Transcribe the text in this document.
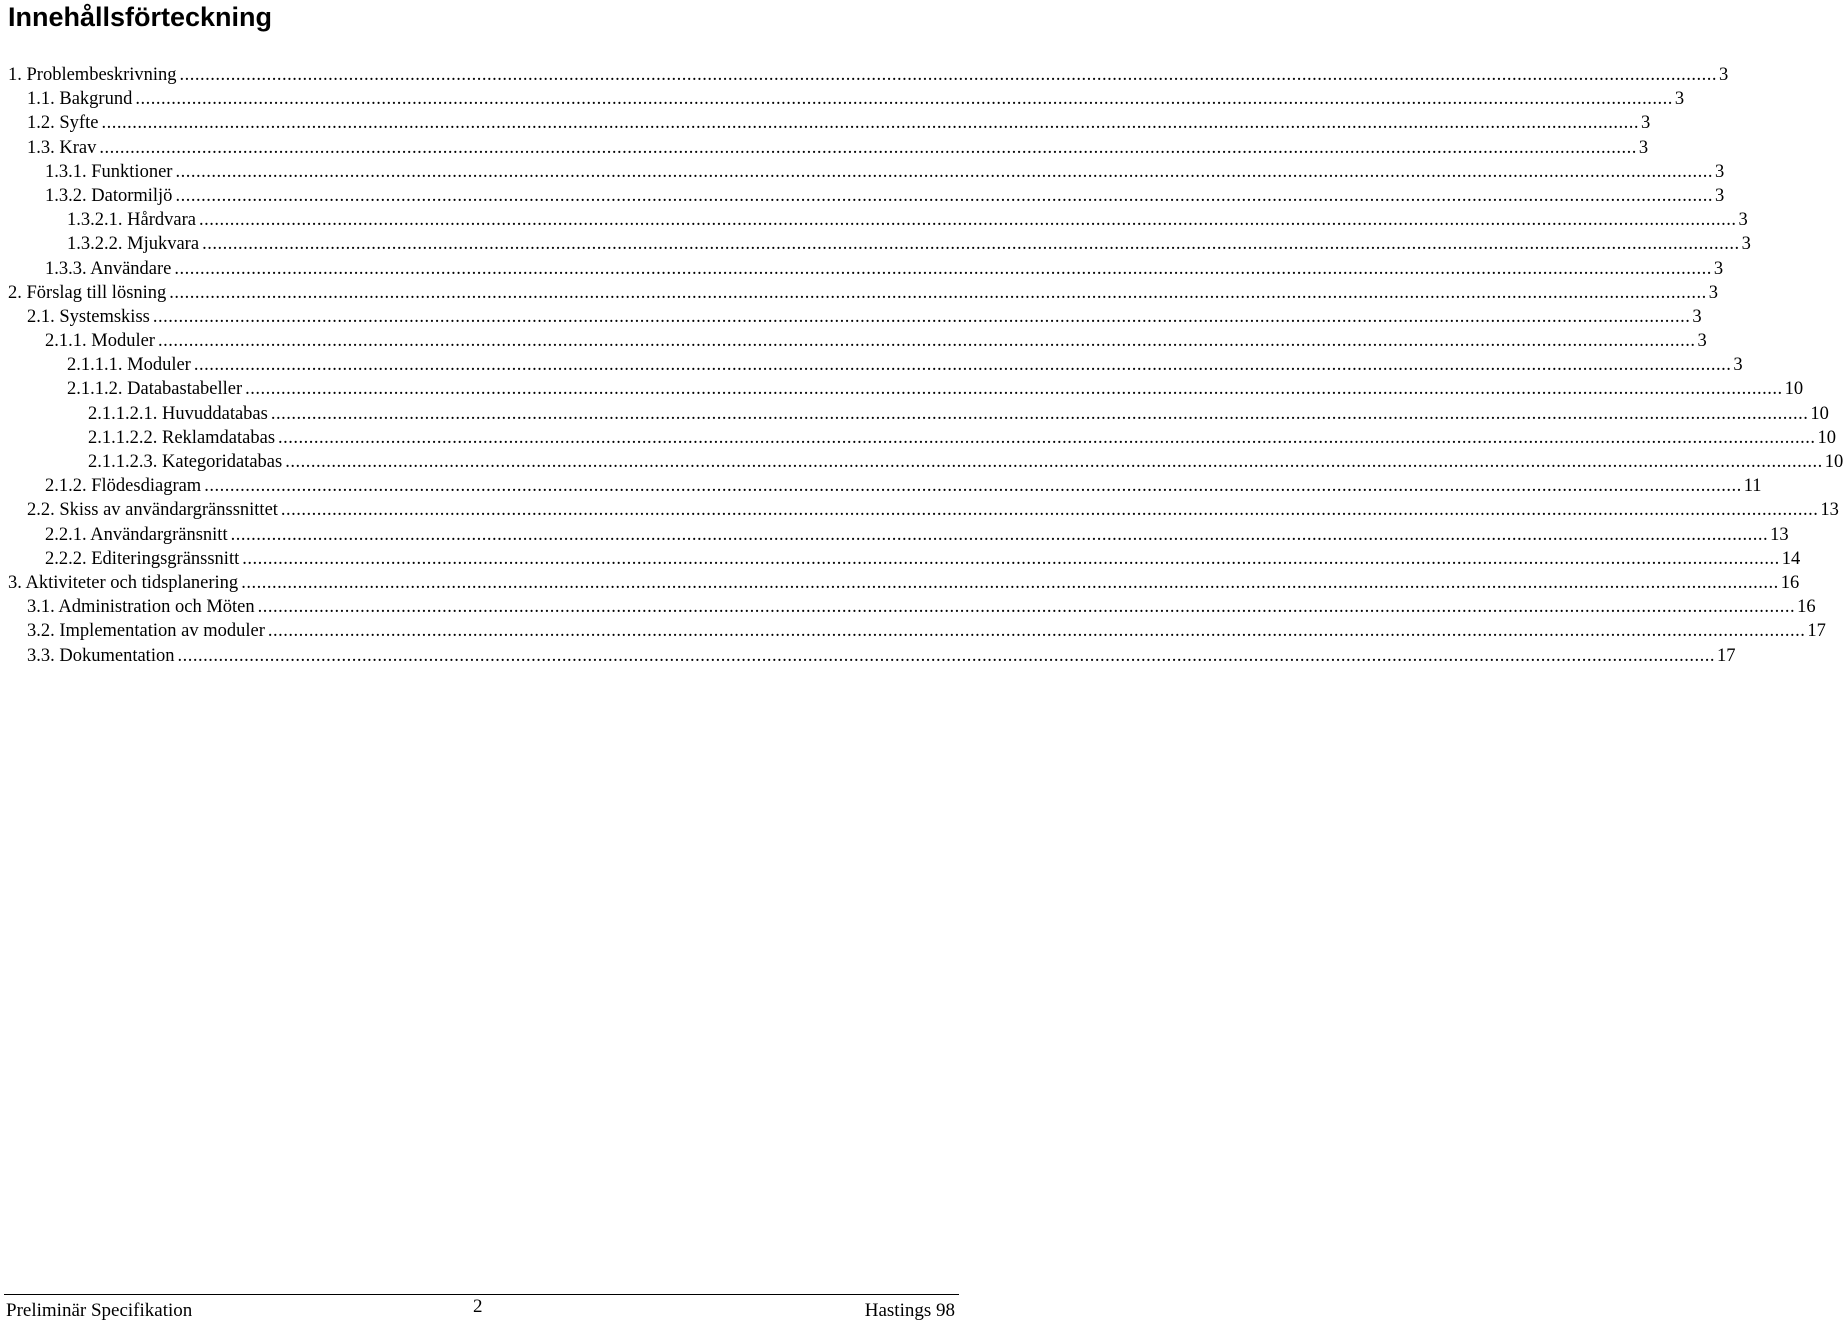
Innehållsförteckning
1. Problembeskrivning ............................................................................................................................................................................................................................................................................................................ 3
1.1. Bakgrund ............................................................................................................................................................................................................................................................................................................ 3
1.2. Syfte ............................................................................................................................................................................................................................................................................................................ 3
1.3. Krav ............................................................................................................................................................................................................................................................................................................ 3
1.3.1. Funktioner ............................................................................................................................................................................................................................................................................................................ 3
1.3.2. Datormiljö ............................................................................................................................................................................................................................................................................................................ 3
1.3.2.1. Hårdvara ............................................................................................................................................................................................................................................................................................................ 3
1.3.2.2. Mjukvara ............................................................................................................................................................................................................................................................................................................ 3
1.3.3. Användare ............................................................................................................................................................................................................................................................................................................ 3
2. Förslag till lösning ............................................................................................................................................................................................................................................................................................................ 3
2.1. Systemskiss ............................................................................................................................................................................................................................................................................................................ 3
2.1.1. Moduler ............................................................................................................................................................................................................................................................................................................ 3
2.1.1.1. Moduler ............................................................................................................................................................................................................................................................................................................ 3
2.1.1.2. Databastabeller ............................................................................................................................................................................................................................................................................................................ 10
2.1.1.2.1. Huvuddatabas ............................................................................................................................................................................................................................................................................................................ 10
2.1.1.2.2. Reklamdatabas ............................................................................................................................................................................................................................................................................................................ 10
2.1.1.2.3. Kategoridatabas ............................................................................................................................................................................................................................................................................................................ 10
2.1.2. Flödesdiagram ............................................................................................................................................................................................................................................................................................................ 11
2.2. Skiss av användargränssnittet ............................................................................................................................................................................................................................................................................................................ 13
2.2.1. Användargränsnitt ............................................................................................................................................................................................................................................................................................................ 13
2.2.2. Editeringsgränssnitt ............................................................................................................................................................................................................................................................................................................ 14
3. Aktiviteter och tidsplanering ............................................................................................................................................................................................................................................................................................................ 16
3.1. Administration och Möten ............................................................................................................................................................................................................................................................................................................ 16
3.2. Implementation av moduler ............................................................................................................................................................................................................................................................................................................ 17
3.3. Dokumentation ............................................................................................................................................................................................................................................................................................................ 17
Preliminär Specifikation	2	Hastings 98
